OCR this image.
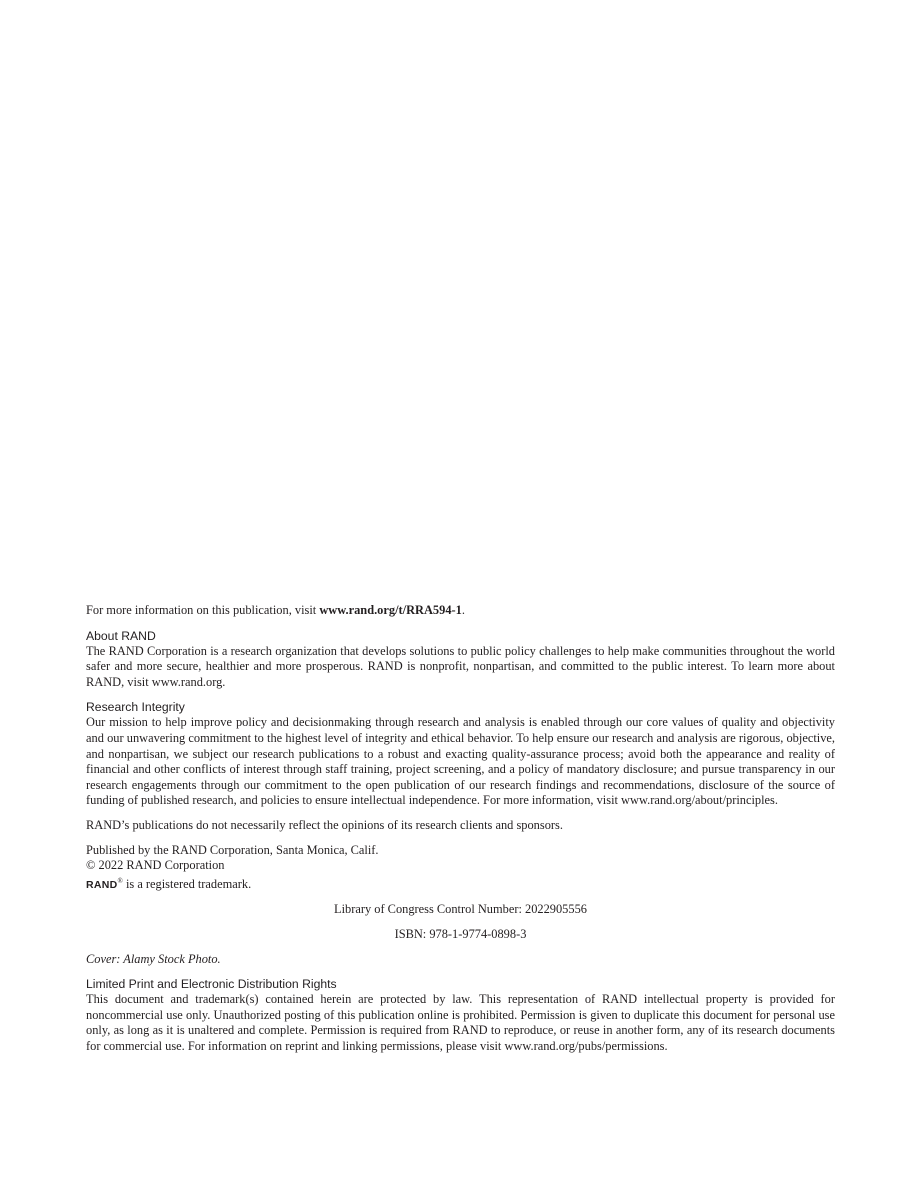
For more information on this publication, visit www.rand.org/t/RRA594-1.

About RAND

The RAND Corporation is a research organization that develops solutions to public policy challenges to help make communities throughout the world safer and more secure, healthier and more prosperous. RAND is nonprofit, nonpartisan, and committed to the public interest. To learn more about RAND, visit www.rand.org.

Research Integrity

Our mission to help improve policy and decisionmaking through research and analysis is enabled through our core values of quality and objectivity and our unwavering commitment to the highest level of integrity and ethical behavior. To help ensure our research and analysis are rigorous, objective, and nonpartisan, we subject our research publications to a robust and exacting quality-assurance process; avoid both the appearance and reality of financial and other conflicts of interest through staff training, project screening, and a policy of mandatory disclosure; and pursue transparency in our research engagements through our commitment to the open publication of our research findings and recommendations, disclosure of the source of funding of published research, and policies to ensure intellectual independence. For more information, visit www.rand.org/about/principles.

RAND’s publications do not necessarily reflect the opinions of its research clients and sponsors.

Published by the RAND Corporation, Santa Monica, Calif.
© 2022 RAND Corporation
RAND® is a registered trademark.
Library of Congress Control Number: 2022905556
ISBN: 978-1-9774-0898-3

Cover: Alamy Stock Photo.

Limited Print and Electronic Distribution Rights

This document and trademark(s) contained herein are protected by law. This representation of RAND intellectual property is provided for noncommercial use only. Unauthorized posting of this publication online is prohibited. Permission is given to duplicate this document for personal use only, as long as it is unaltered and complete. Permission is required from RAND to reproduce, or reuse in another form, any of its research documents for commercial use. For information on reprint and linking permissions, please visit www.rand.org/pubs/permissions.
